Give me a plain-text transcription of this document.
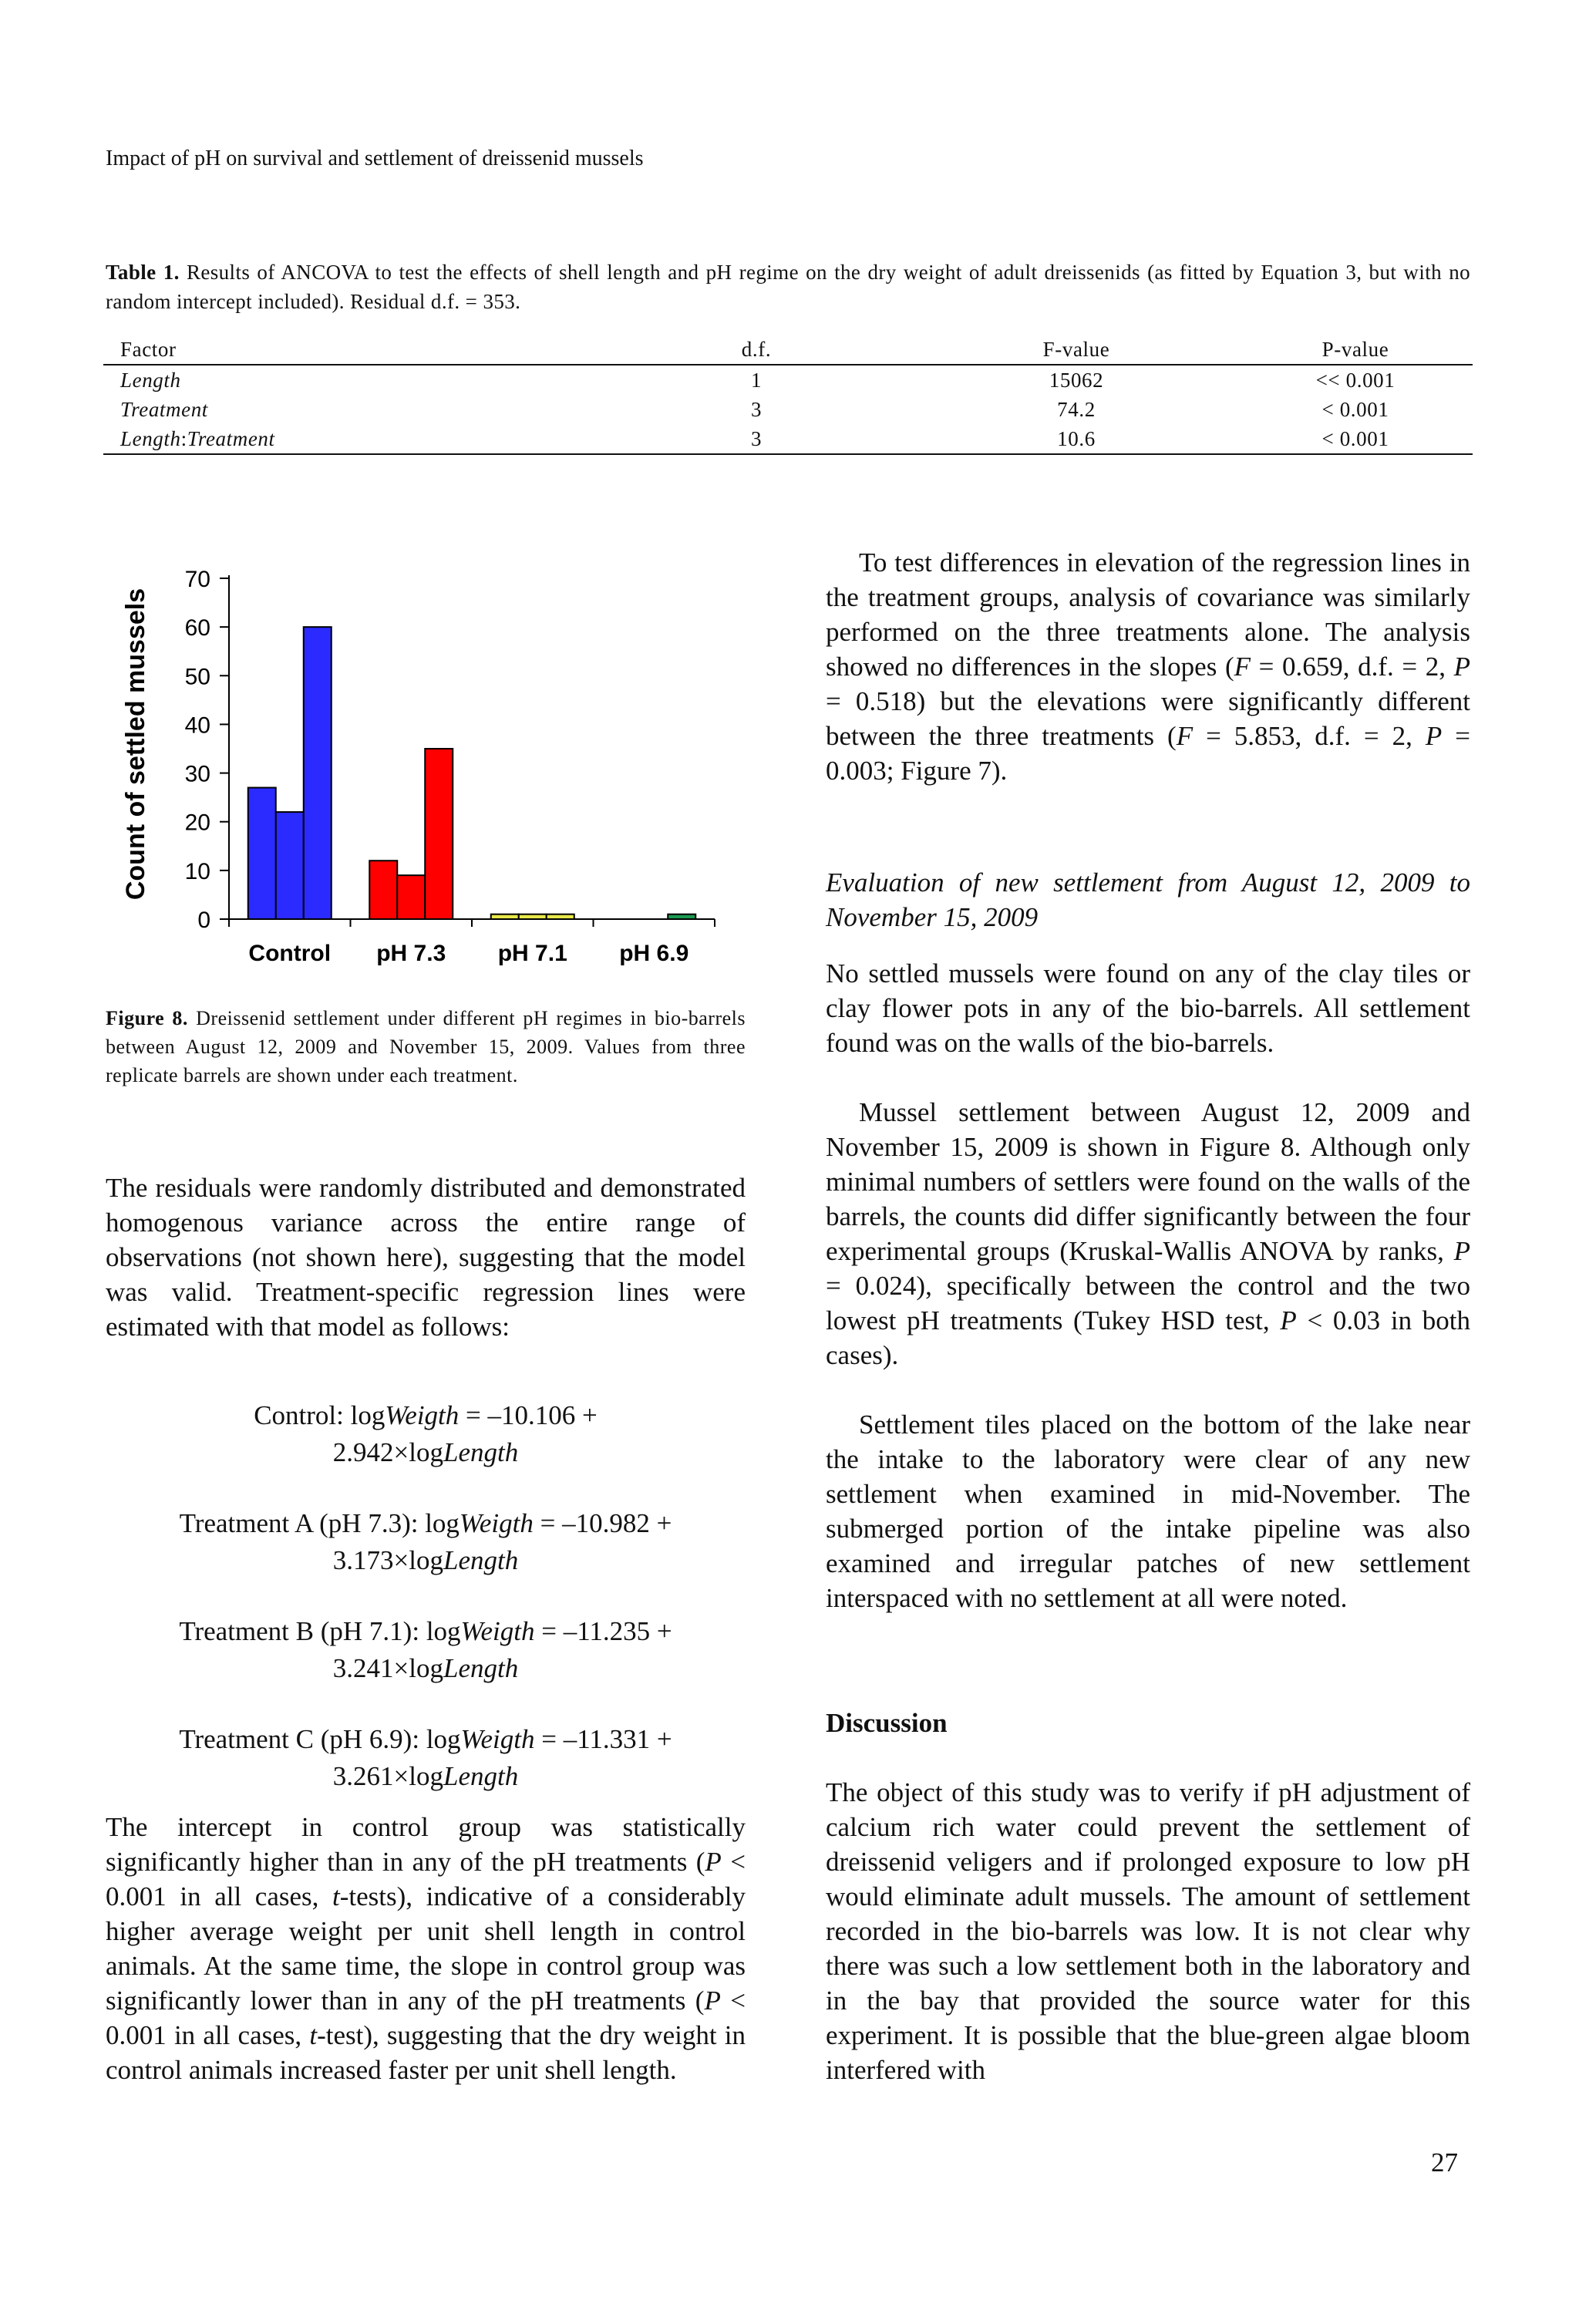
Impact of pH on survival and settlement of dreissenid mussels
Table 1. Results of ANCOVA to test the effects of shell length and pH regime on the dry weight of adult dreissenids (as fitted by Equation 3, but with no random intercept included). Residual d.f. = 353.
Factor	d.f.	F-value	P-value
Length	1	15062	<< 0.001
Treatment	3	74.2	< 0.001
Length:Treatment	3	10.6	< 0.001
Count of settled mussels
0
10
20
30
40
50
60
70
Control pH 7.3 pH 7.1 pH 6.9
Figure 8. Dreissenid settlement under different pH regimes in bio-barrels between August 12, 2009 and November 15, 2009. Values from three replicate barrels are shown under each treatment.
The residuals were randomly distributed and demonstrated homogenous variance across the entire range of observations (not shown here), suggesting that the model was valid. Treatment-specific regression lines were estimated with that model as follows:
Control: logWeigth = –10.106 +
2.942×logLength
Treatment A (pH 7.3): logWeigth = –10.982 +
3.173×logLength
Treatment B (pH 7.1): logWeigth = –11.235 +
3.241×logLength
Treatment C (pH 6.9): logWeigth = –11.331 +
3.261×logLength
The intercept in control group was statistically significantly higher than in any of the pH treatments (P < 0.001 in all cases, t-tests), indicative of a considerably higher average weight per unit shell length in control animals. At the same time, the slope in control group was significantly lower than in any of the pH treatments (P < 0.001 in all cases, t-test), suggesting that the dry weight in control animals increased faster per unit shell length.
To test differences in elevation of the regression lines in the treatment groups, analysis of covariance was similarly performed on the three treatments alone. The analysis showed no differences in the slopes (F = 0.659, d.f. = 2, P = 0.518) but the elevations were significantly different between the three treatments (F = 5.853, d.f. = 2, P = 0.003; Figure 7).
Evaluation of new settlement from August 12, 2009 to November 15, 2009
No settled mussels were found on any of the clay tiles or clay flower pots in any of the bio-barrels. All settlement found was on the walls of the bio-barrels.
Mussel settlement between August 12, 2009 and November 15, 2009 is shown in Figure 8. Although only minimal numbers of settlers were found on the walls of the barrels, the counts did differ significantly between the four experimental groups (Kruskal-Wallis ANOVA by ranks, P = 0.024), specifically between the control and the two lowest pH treatments (Tukey HSD test, P < 0.03 in both cases).
Settlement tiles placed on the bottom of the lake near the intake to the laboratory were clear of any new settlement when examined in mid-November. The submerged portion of the intake pipeline was also examined and irregular patches of new settlement interspaced with no settlement at all were noted.
Discussion
The object of this study was to verify if pH adjustment of calcium rich water could prevent the settlement of dreissenid veligers and if prolonged exposure to low pH would eliminate adult mussels. The amount of settlement recorded in the bio-barrels was low. It is not clear why there was such a low settlement both in the laboratory and in the bay that provided the source water for this experiment. It is possible that the blue-green algae bloom interfered with
27
